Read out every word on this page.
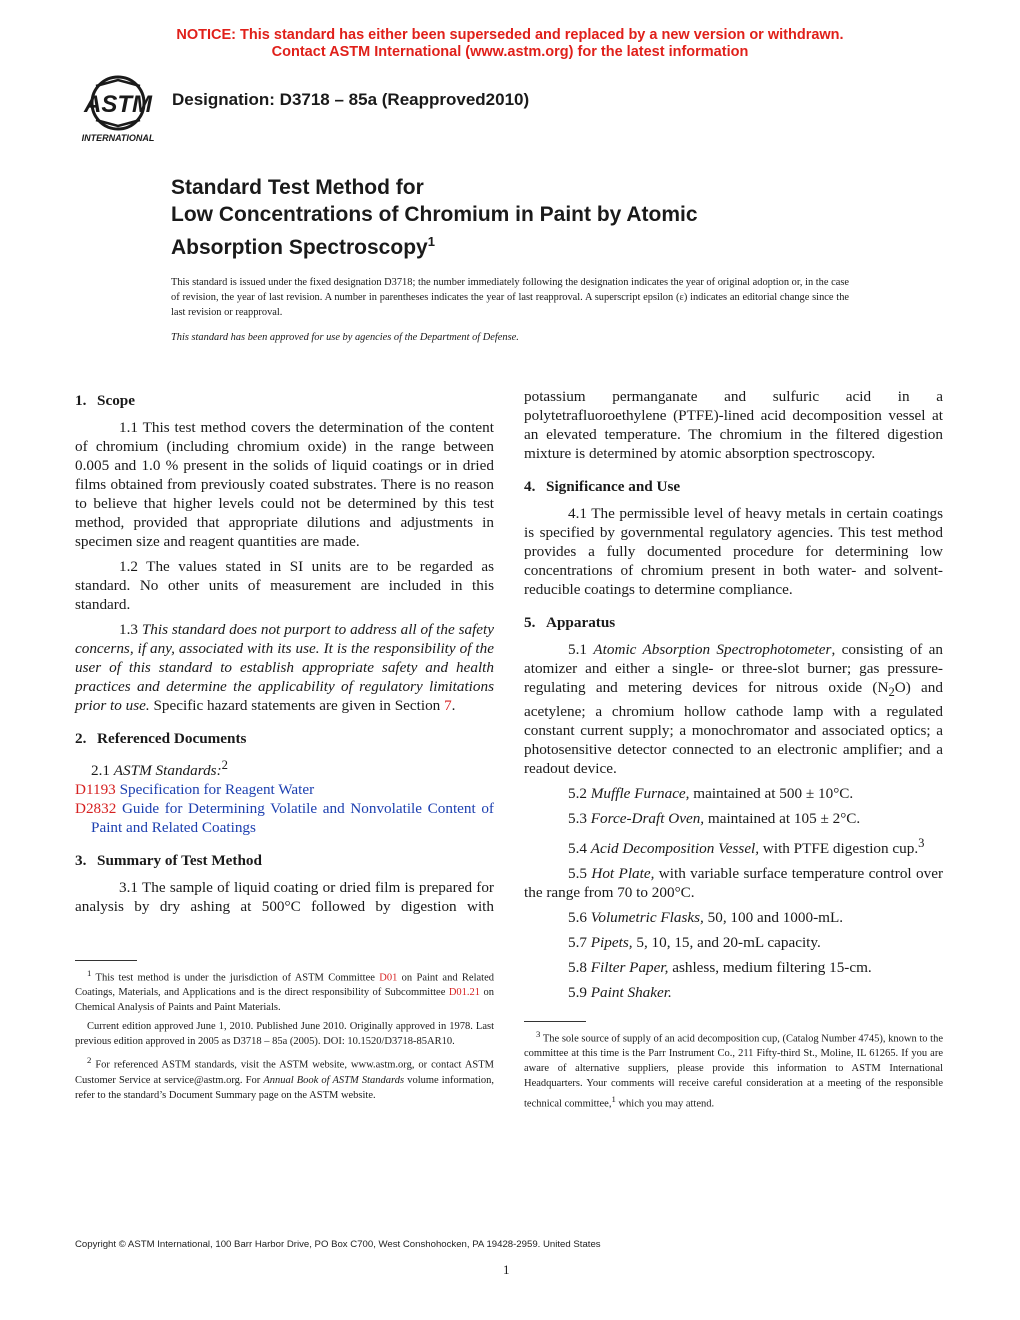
NOTICE: This standard has either been superseded and replaced by a new version or withdrawn.
Contact ASTM International (www.astm.org) for the latest information
ASTM
INTERNATIONAL
Designation: D3718 – 85a (Reapproved2010)
Standard Test Method for
Low Concentrations of Chromium in Paint by Atomic
Absorption Spectroscopy$^1$
This standard is issued under the fixed designation D3718; the number immediately following the designation indicates the year of original adoption or, in the case of revision, the year of last revision. A number in parentheses indicates the year of last reapproval. A superscript epsilon (ε) indicates an editorial change since the last revision or reapproval.
This standard has been approved for use by agencies of the Department of Defense.
1. Scope

1.1 This test method covers the determination of the content of chromium (including chromium oxide) in the range between 0.005 and 1.0 % present in the solids of liquid coatings or in dried films obtained from previously coated substrates. There is no reason to believe that higher levels could not be determined by this test method, provided that appropriate dilutions and adjustments in specimen size and reagent quantities are made.

1.2 The values stated in SI units are to be regarded as standard. No other units of measurement are included in this standard.

1.3 This standard does not purport to address all of the safety concerns, if any, associated with its use. It is the responsibility of the user of this standard to establish appropriate safety and health practices and determine the applicability of regulatory limitations prior to use. Specific hazard statements are given in Section 7.

2. Referenced Documents

2.1 ASTM Standards:$^2$

D1193 Specification for Reagent Water
D2832 Guide for Determining Volatile and Nonvolatile Content of Paint and Related Coatings

3. Summary of Test Method

3.1 The sample of liquid coating or dried film is prepared for analysis by dry ashing at 500°C followed by digestion with

potassium permanganate and sulfuric acid in a polytetrafluoroethylene (PTFE)-lined acid decomposition vessel at an elevated temperature. The chromium in the filtered digestion mixture is determined by atomic absorption spectroscopy.

4. Significance and Use

4.1 The permissible level of heavy metals in certain coatings is specified by governmental regulatory agencies. This test method provides a fully documented procedure for determining low concentrations of chromium present in both water- and solvent-reducible coatings to determine compliance.

5. Apparatus

5.1 Atomic Absorption Spectrophotometer, consisting of an atomizer and either a single- or three-slot burner; gas pressure-regulating and metering devices for nitrous oxide $(N_2O)$ and acetylene; a chromium hollow cathode lamp with a regulated constant current supply; a monochromator and associated optics; a photosensitive detector connected to an electronic amplifier; and a readout device.

5.2 Muffle Furnace, maintained at 500 ± 10°C.

5.3 Force-Draft Oven, maintained at 105 ± 2°C.

5.4 Acid Decomposition Vessel, with PTFE digestion cup.$^3$

5.5 Hot Plate, with variable surface temperature control over the range from 70 to 200°C.

5.6 Volumetric Flasks, 50, 100 and 1000-mL.

5.7 Pipets, 5, 10, 15, and 20-mL capacity.

5.8 Filter Paper, ashless, medium filtering 15-cm.

5.9 Paint Shaker.

$^1$ This test method is under the jurisdiction of ASTM Committee D01 on Paint and Related Coatings, Materials, and Applications and is the direct responsibility of Subcommittee D01.21 on Chemical Analysis of Paints and Paint Materials.

Current edition approved June 1, 2010. Published June 2010. Originally approved in 1978. Last previous edition approved in 2005 as D3718 – 85a (2005). DOI: 10.1520/D3718-85AR10.

$^2$ For referenced ASTM standards, visit the ASTM website, www.astm.org, or contact ASTM Customer Service at service@astm.org. For Annual Book of ASTM Standards volume information, refer to the standard’s Document Summary page on the ASTM website.

$^3$ The sole source of supply of an acid decomposition cup, (Catalog Number 4745), known to the committee at this time is the Parr Instrument Co., 211 Fifty-third St., Moline, IL 61265. If you are aware of alternative suppliers, please provide this information to ASTM International Headquarters. Your comments will receive careful consideration at a meeting of the responsible technical committee,$^1$ which you may attend.

Copyright © ASTM International, 100 Barr Harbor Drive, PO Box C700, West Conshohocken, PA 19428-2959. United States
1
